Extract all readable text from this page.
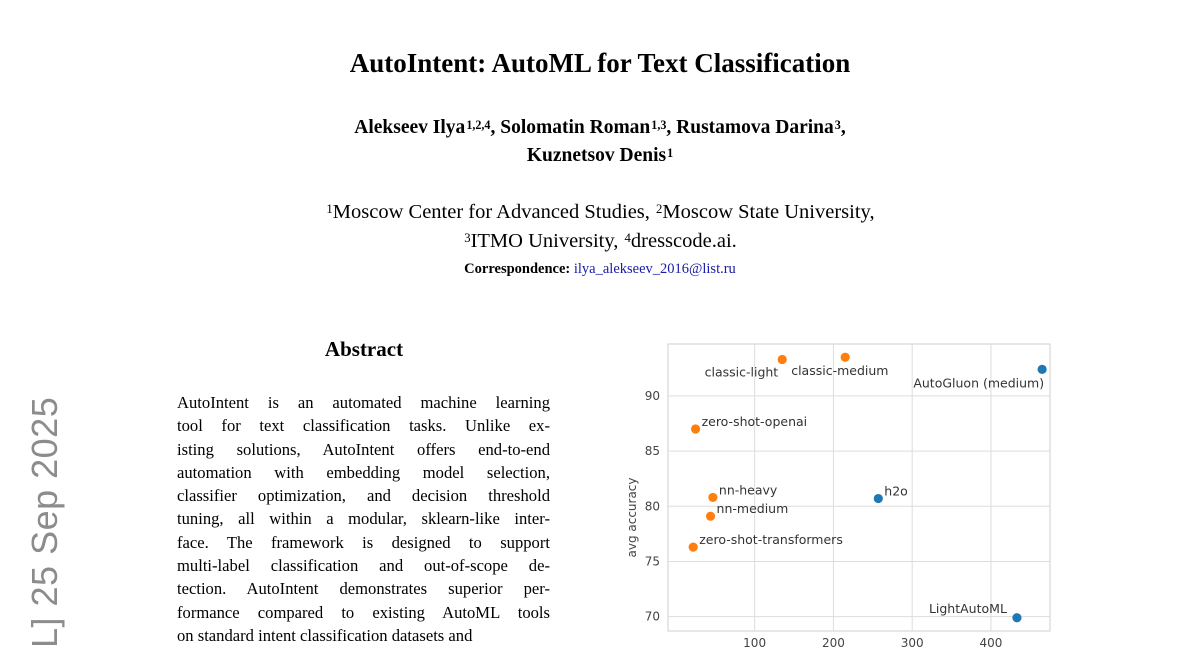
L] 25 Sep 2025
AutoIntent: AutoML for Text Classification
Alekseev Ilya$^{1,2,4}$, Solomatin Roman$^{1,3}$, Rustamova Darina$^3$,
Kuznetsov Denis$^1$
$^1$Moscow Center for Advanced Studies, $^2$Moscow State University,
$^3$ITMO University, $^4$dresscode.ai.
Correspondence: ilya_alekseev_2016@list.ru
Abstract
AutoIntent is an automated machine learning
tool for text classification tasks. Unlike ex-
isting solutions, AutoIntent offers end-to-end
automation with embedding model selection,
classifier optimization, and decision threshold
tuning, all within a modular, sklearn-like inter-
face. The framework is designed to support
multi-label classification and out-of-scope de-
tection. AutoIntent demonstrates superior per-
formance compared to existing AutoML tools
on standard intent classification datasets and
70
75
80
85
90
100	200	300	400
avg accuracy
classic-light classic-medium
AutoGluon (medium)
zero-shot-openai
nn-heavy	h2o
nn-medium
zero-shot-transformers
LightAutoML
